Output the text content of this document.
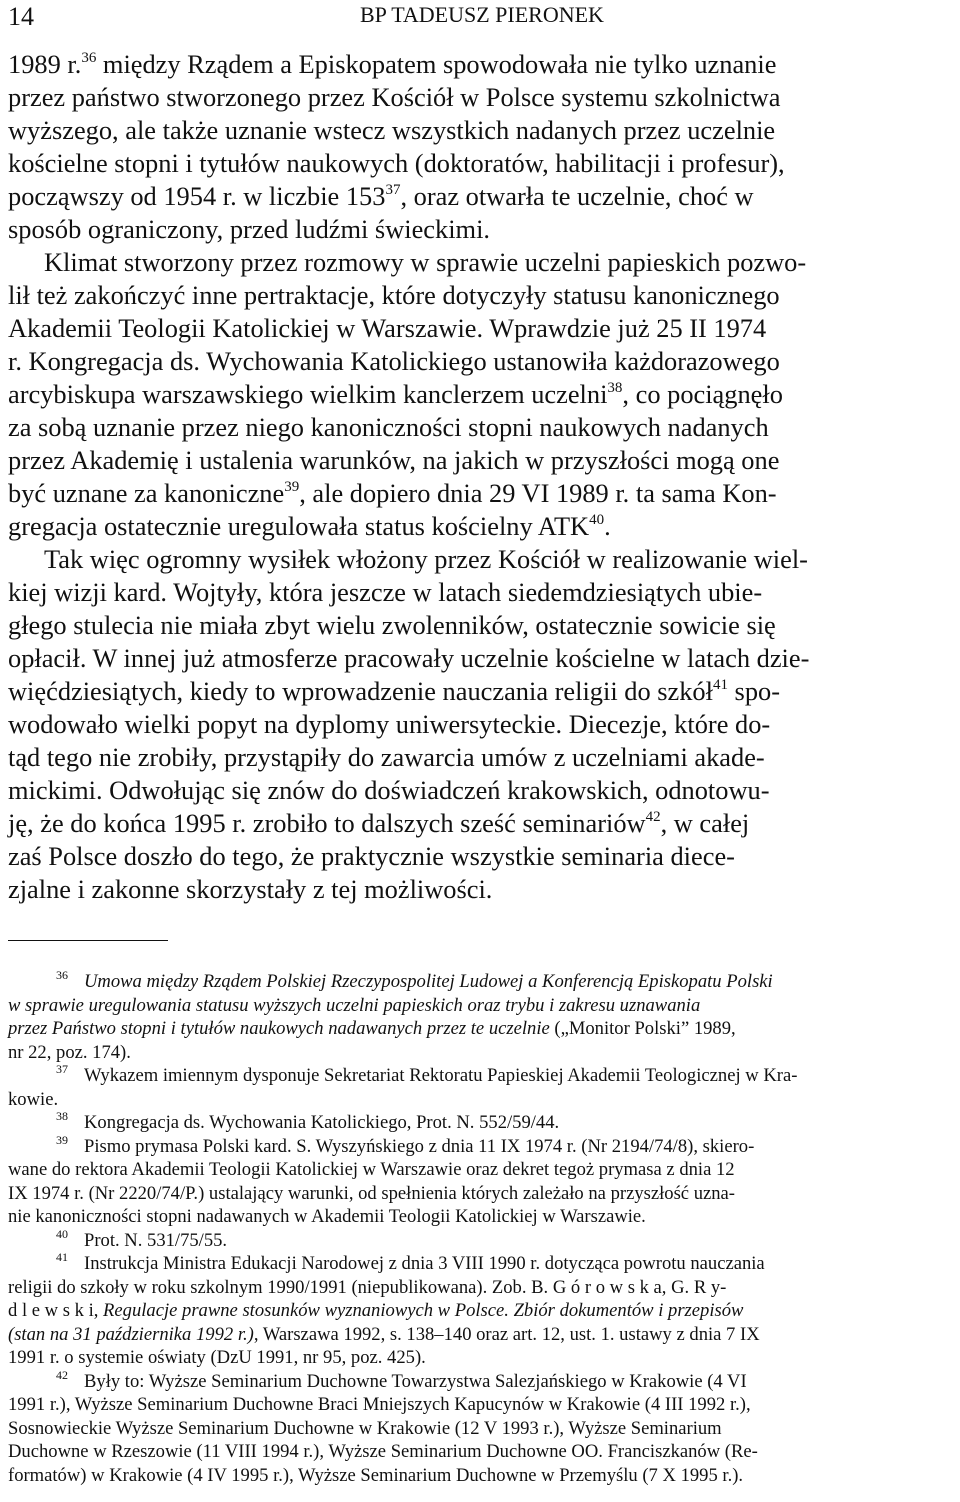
14	BP TADEUSZ PIERONEK
1989 r.$^{36}$ między Rządem a Episkopatem spowodowała nie tylko uznanie
przez państwo stworzonego przez Kościół w Polsce systemu szkolnictwa
wyższego, ale także uznanie wstecz wszystkich nadanych przez uczelnie
kościelne stopni i tytułów naukowych (doktoratów, habilitacji i profesur),
począwszy od 1954 r. w liczbie $153^{37}$, oraz otwarła te uczelnie, choć w
sposób ograniczony, przed ludźmi świeckimi.
Klimat stworzony przez rozmowy w sprawie uczelni papieskich pozwo-
lił też zakończyć inne pertraktacje, które dotyczyły statusu kanonicznego
Akademii Teologii Katolickiej w Warszawie. Wprawdzie już 25 II 1974
r. Kongregacja ds. Wychowania Katolickiego ustanowiła każdorazowego
arcybiskupa warszawskiego wielkim kanclerzem uczelni$^{38}$, co pociągnęło
za sobą uznanie przez niego kanoniczności stopni naukowych nadanych
przez Akademię i ustalenia warunków, na jakich w przyszłości mogą one
być uznane za kanoniczne$^{39}$, ale dopiero dnia 29 VI 1989 r. ta sama Kon-
gregacja ostatecznie uregulowała status kościelny ATK$^{40}$.
Tak więc ogromny wysiłek włożony przez Kościół w realizowanie wiel-
kiej wizji kard. Wojtyły, która jeszcze w latach siedemdziesiątych ubie-
głego stulecia nie miała zbyt wielu zwolenników, ostatecznie sowicie się
opłacił. W innej już atmosferze pracowały uczelnie kościelne w latach dzie-
więćdziesiątych, kiedy to wprowadzenie nauczania religii do szkół$^{41}$ spo-
wodowało wielki popyt na dyplomy uniwersyteckie. Diecezje, które do-
tąd tego nie zrobiły, przystąpiły do zawarcia umów z uczelniami akade-
mickimi. Odwołując się znów do doświadczeń krakowskich, odnotowu-
ję, że do końca 1995 r. zrobiło to dalszych sześć seminariów$^{42}$, w całej
zaś Polsce doszło do tego, że praktycznie wszystkie seminaria diece-
zjalne i zakonne skorzystały z tej możliwości.
$^{36}$ Umowa między Rządem Polskiej Rzeczypospolitej Ludowej a Konferencją Episkopatu Polski
w sprawie uregulowania statusu wyższych uczelni papieskich oraz trybu i zakresu uznawania
przez Państwo stopni i tytułów naukowych nadawanych przez te uczelnie („Monitor Polski” 1989,
nr 22, poz. 174).
$^{37}$ Wykazem imiennym dysponuje Sekretariat Rektoratu Papieskiej Akademii Teologicznej w Kra-
kowie.
$^{38}$ Kongregacja ds. Wychowania Katolickiego, Prot. N. 552/59/44.
$^{39}$ Pismo prymasa Polski kard. S. Wyszyńskiego z dnia 11 IX 1974 r. (Nr 2194/74/8), skiero-
wane do rektora Akademii Teologii Katolickiej w Warszawie oraz dekret tegoż prymasa z dnia 12
IX 1974 r. (Nr 2220/74/P.) ustalający warunki, od spełnienia których zależało na przyszłość uzna-
nie kanoniczności stopni nadawanych w Akademii Teologii Katolickiej w Warszawie.
$^{40}$ Prot. N. 531/75/55.
$^{41}$ Instrukcja Ministra Edukacji Narodowej z dnia 3 VIII 1990 r. dotycząca powrotu nauczania
religii do szkoły w roku szkolnym 1990/1991 (niepublikowana). Zob. B. G ó r o w s k a, G. R y-
d l e w s k i, Regulacje prawne stosunków wyznaniowych w Polsce. Zbiór dokumentów i przepisów
(stan na 31 października 1992 r.), Warszawa 1992, s. 138–140 oraz art. 12, ust. 1. ustawy z dnia 7 IX
1991 r. o systemie oświaty (DzU 1991, nr 95, poz. 425).
$^{42}$ Były to: Wyższe Seminarium Duchowne Towarzystwa Salezjańskiego w Krakowie (4 VI
1991 r.), Wyższe Seminarium Duchowne Braci Mniejszych Kapucynów w Krakowie (4 III 1992 r.),
Sosnowieckie Wyższe Seminarium Duchowne w Krakowie (12 V 1993 r.), Wyższe Seminarium
Duchowne w Rzeszowie (11 VIII 1994 r.), Wyższe Seminarium Duchowne OO. Franciszkanów (Re-
formatów) w Krakowie (4 IV 1995 r.), Wyższe Seminarium Duchowne w Przemyślu (7 X 1995 r.).
